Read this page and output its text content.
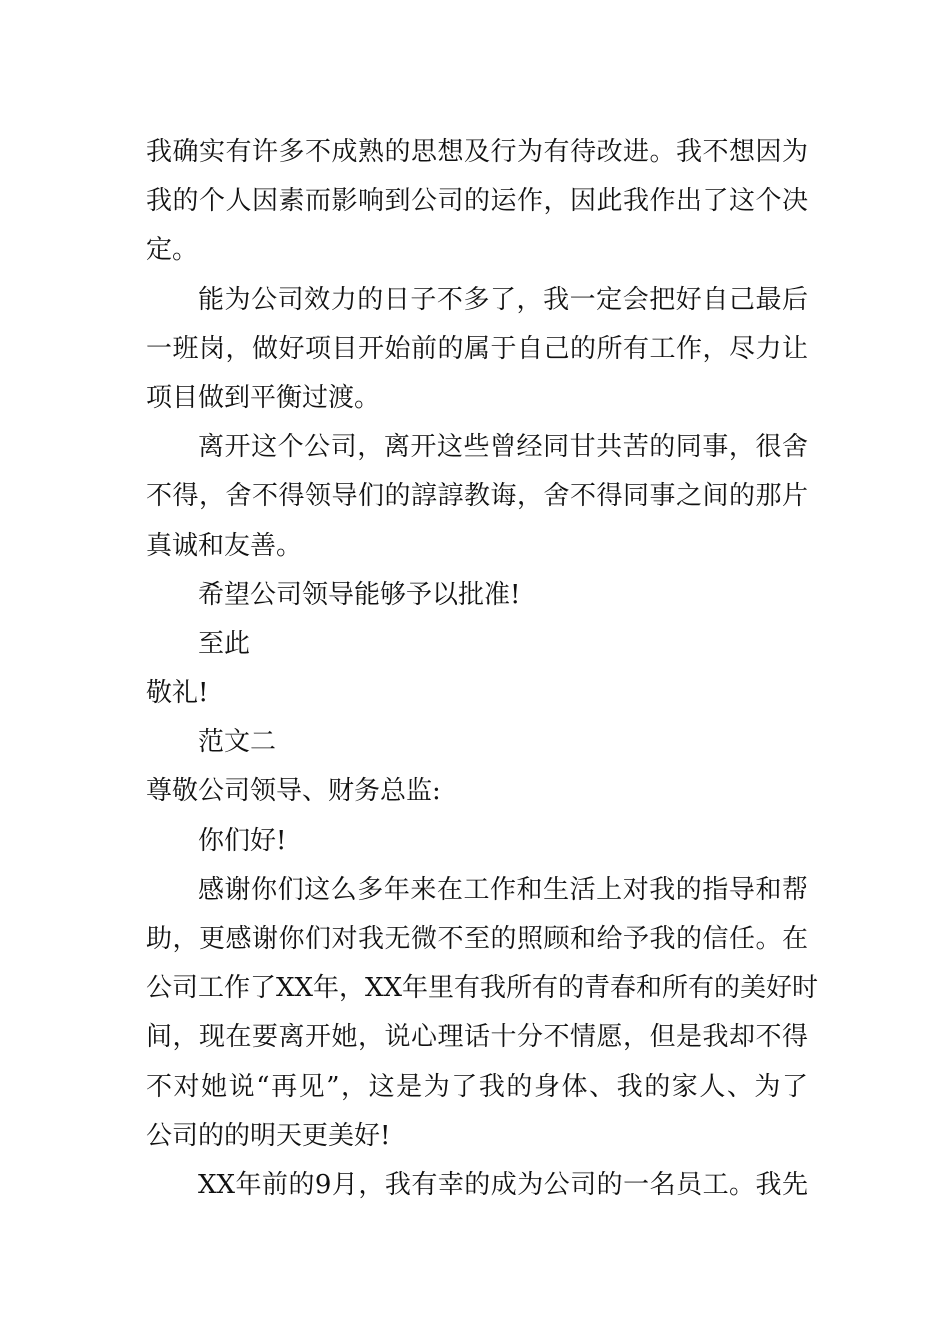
我确实有许多不成熟的思想及行为有待改进。我不想因为
我的个人因素而影响到公司的运作，因此我作出了这个决
定。
能为公司效力的日子不多了，我一定会把好自己最后
一班岗，做好项目开始前的属于自己的所有工作，尽力让
项目做到平衡过渡。
离开这个公司，离开这些曾经同甘共苦的同事，很舍
不得，舍不得领导们的諄諄教诲，舍不得同事之间的那片
真诚和友善。
希望公司领导能够予以批准!
至此
敬礼!
范文二
尊敬公司领导、财务总监:
你们好!
感谢你们这么多年来在工作和生活上对我的指导和帮
助，更感谢你们对我无微不至的照顾和给予我的信任。在
公司工作了XX年，XX年里有我所有的青春和所有的美好时
间，现在要离开她，说心理话十分不情愿，但是我却不得
不对她说“再见”，这是为了我的身体、我的家人、为了
公司的的明天更美好!
XX年前的9月，我有幸的成为公司的一名员工。我先
